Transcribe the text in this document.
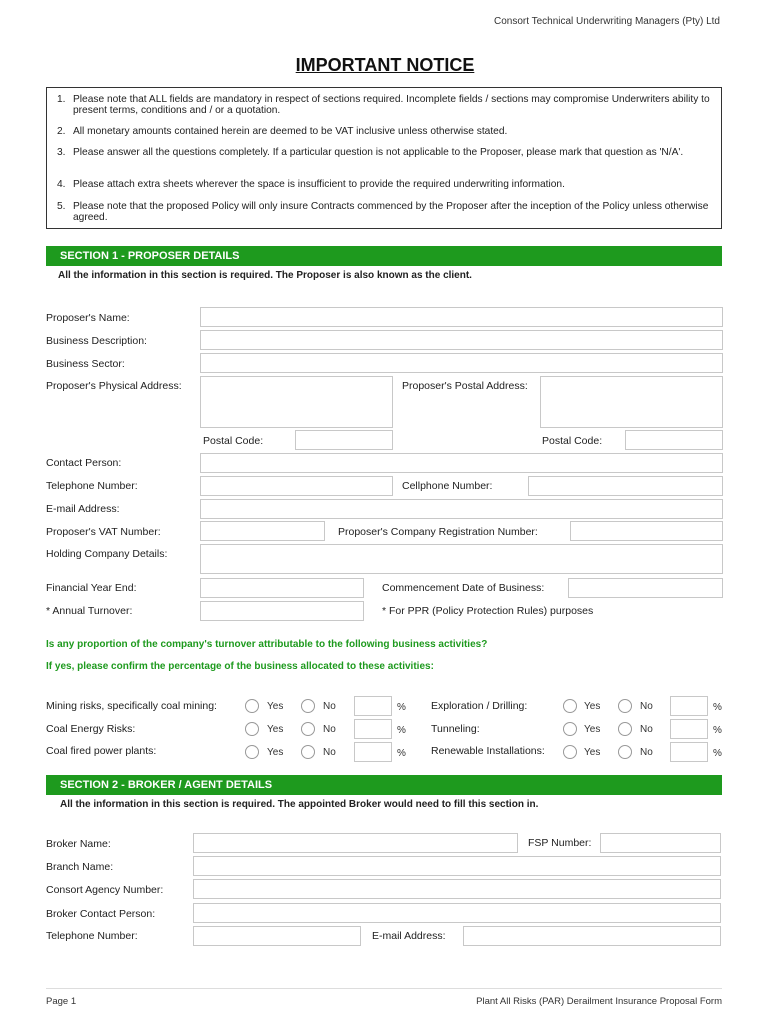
Consort Technical Underwriting Managers (Pty) Ltd
IMPORTANT NOTICE
1. Please note that ALL fields are mandatory in respect of sections required. Incomplete fields / sections may compromise Underwriters ability to present terms, conditions and / or a quotation.
2. All monetary amounts contained herein are deemed to be VAT inclusive unless otherwise stated.
3. Please answer all the questions completely. If a particular question is not applicable to the Proposer, please mark that question as 'N/A'.
4. Please attach extra sheets wherever the space is insufficient to provide the required underwriting information.
5. Please note that the proposed Policy will only insure Contracts commenced by the Proposer after the inception of the Policy unless otherwise agreed.
SECTION 1 - PROPOSER DETAILS
All the information in this section is required. The Proposer is also known as the client.
Proposer's Name:
Business Description:
Business Sector:
Proposer's Physical Address:	Proposer's Postal Address:
Postal Code:	Postal Code:
Contact Person:
Telephone Number:	Cellphone Number:
E-mail Address:
Proposer's VAT Number:	Proposer's Company Registration Number:
Holding Company Details:
Financial Year End:	Commencement Date of Business:
* Annual Turnover:	* For PPR (Policy Protection Rules) purposes
Is any proportion of the company's turnover attributable to the following business activities?
If yes, please confirm the percentage of the business allocated to these activities:
Mining risks, specifically coal mining:	Yes	No	%
Coal Energy Risks:	Yes	No	%
Coal fired power plants:	Yes	No	%
Exploration / Drilling:	Yes	No	%
Tunneling:	Yes	No	%
Renewable Installations:	Yes	No	%
SECTION 2 - BROKER / AGENT DETAILS
All the information in this section is required. The appointed Broker would need to fill this section in.
Broker Name:	FSP Number:
Branch Name:
Consort Agency Number:
Broker Contact Person:
Telephone Number:	E-mail Address:
Page 1	Plant All Risks (PAR) Derailment Insurance Proposal Form
